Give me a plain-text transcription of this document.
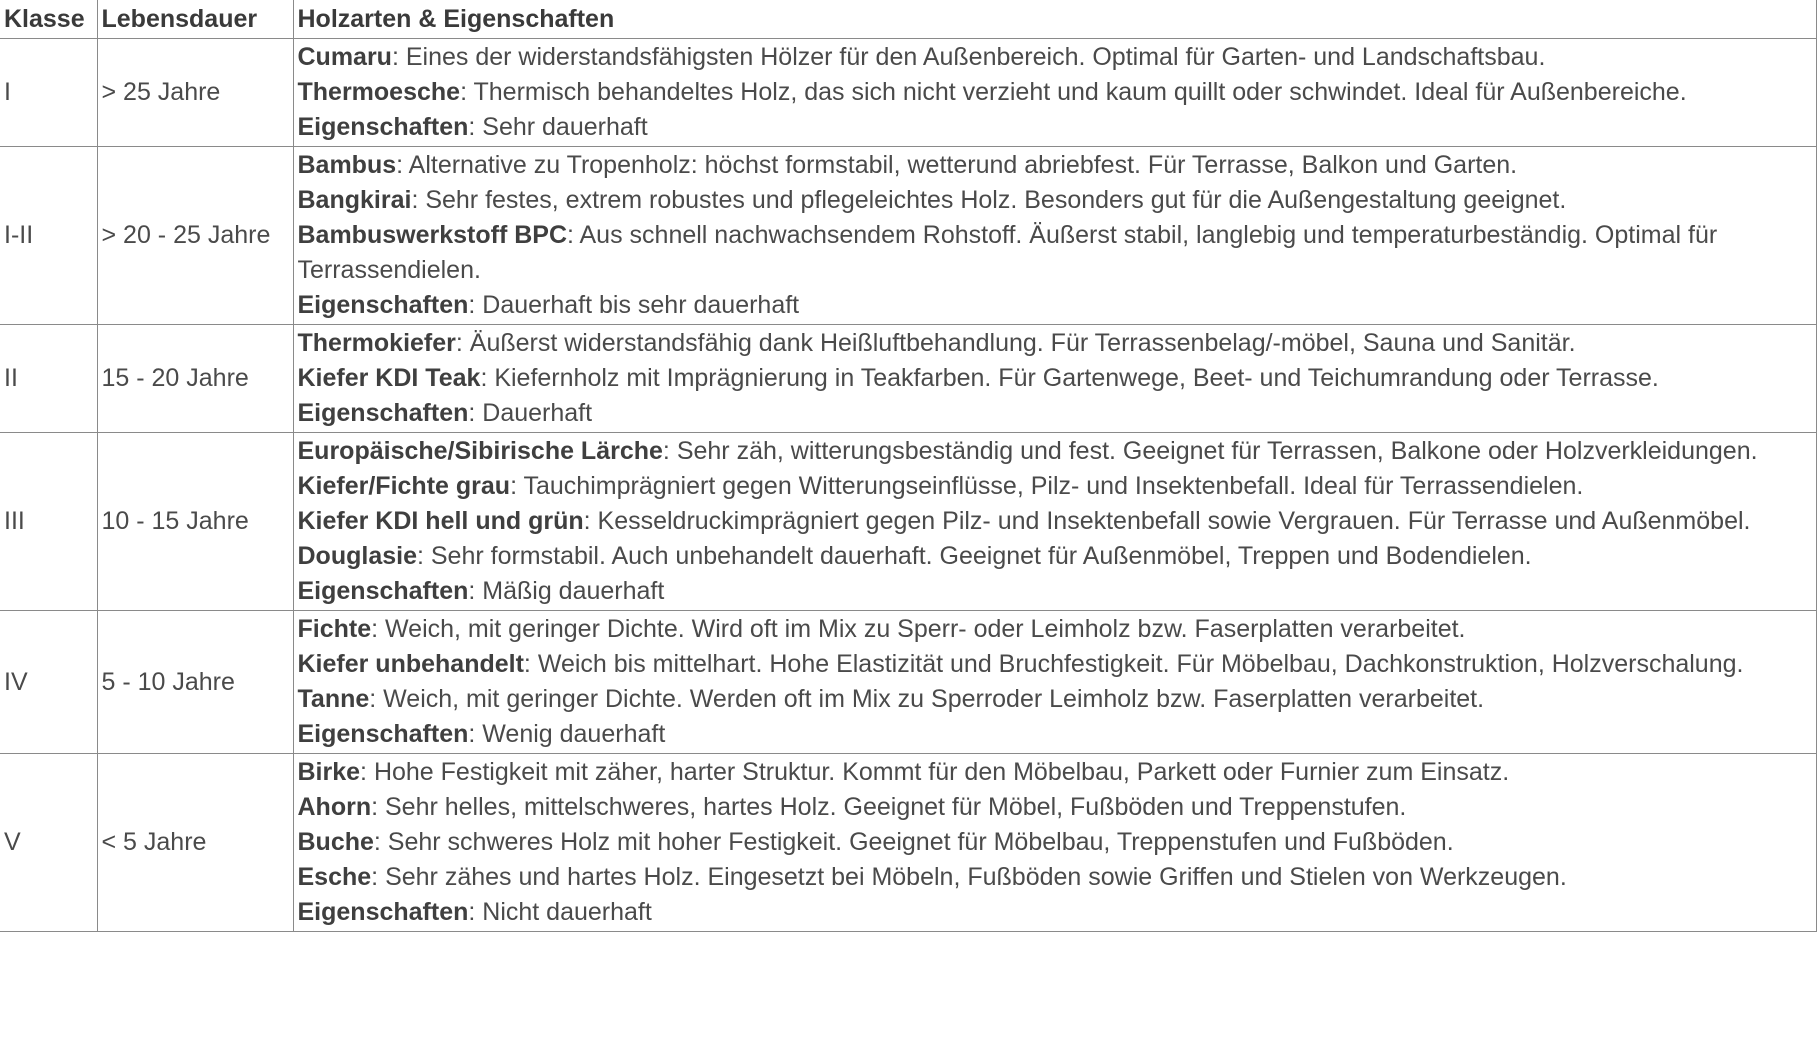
Klasse	Lebensdauer	Holzarten & Eigenschaften
I	> 25 Jahre	Cumaru: Eines der widerstandsfähigsten Hölzer für den Außenbereich. Optimal für Garten- und Landschaftsbau.
Thermoesche: Thermisch behandeltes Holz, das sich nicht verzieht und kaum quillt oder schwindet. Ideal für Außenbereiche.
Eigenschaften: Sehr dauerhaft

I-II	> 20 - 25 Jahre	Bambus: Alternative zu Tropenholz: höchst formstabil, wetterund abriebfest. Für Terrasse, Balkon und Garten.
Bangkirai: Sehr festes, extrem robustes und pflegeleichtes Holz. Besonders gut für die Außengestaltung geeignet.
Bambuswerkstoff BPC: Aus schnell nachwachsendem Rohstoff. Äußerst stabil, langlebig und temperaturbeständig. Optimal für Terrassendielen.
Eigenschaften: Dauerhaft bis sehr dauerhaft

II	15 - 20 Jahre	Thermokiefer: Äußerst widerstandsfähig dank Heißluftbehandlung. Für Terrassenbelag/-möbel, Sauna und Sanitär.
Kiefer KDI Teak: Kiefernholz mit Imprägnierung in Teakfarben. Für Gartenwege, Beet- und Teichumrandung oder Terrasse.
Eigenschaften: Dauerhaft

III	10 - 15 Jahre	Europäische/Sibirische Lärche: Sehr zäh, witterungsbeständig und fest. Geeignet für Terrassen, Balkone oder Holzverkleidungen.
Kiefer/Fichte grau: Tauchimprägniert gegen Witterungseinflüsse, Pilz- und Insektenbefall. Ideal für Terrassendielen.
Kiefer KDI hell und grün: Kesseldruckimprägniert gegen Pilz- und Insektenbefall sowie Vergrauen. Für Terrasse und Außenmöbel.
Douglasie: Sehr formstabil. Auch unbehandelt dauerhaft. Geeignet für Außenmöbel, Treppen und Bodendielen.
Eigenschaften: Mäßig dauerhaft

IV	5 - 10 Jahre	Fichte: Weich, mit geringer Dichte. Wird oft im Mix zu Sperr- oder Leimholz bzw. Faserplatten verarbeitet.
Kiefer unbehandelt: Weich bis mittelhart. Hohe Elastizität und Bruchfestigkeit. Für Möbelbau, Dachkonstruktion, Holzverschalung.
Tanne: Weich, mit geringer Dichte. Werden oft im Mix zu Sperroder Leimholz bzw. Faserplatten verarbeitet.
Eigenschaften: Wenig dauerhaft

V	< 5 Jahre	Birke: Hohe Festigkeit mit zäher, harter Struktur. Kommt für den Möbelbau, Parkett oder Furnier zum Einsatz.
Ahorn: Sehr helles, mittelschweres, hartes Holz. Geeignet für Möbel, Fußböden und Treppenstufen.
Buche: Sehr schweres Holz mit hoher Festigkeit. Geeignet für Möbelbau, Treppenstufen und Fußböden.
Esche: Sehr zähes und hartes Holz. Eingesetzt bei Möbeln, Fußböden sowie Griffen und Stielen von Werkzeugen.
Eigenschaften: Nicht dauerhaft
